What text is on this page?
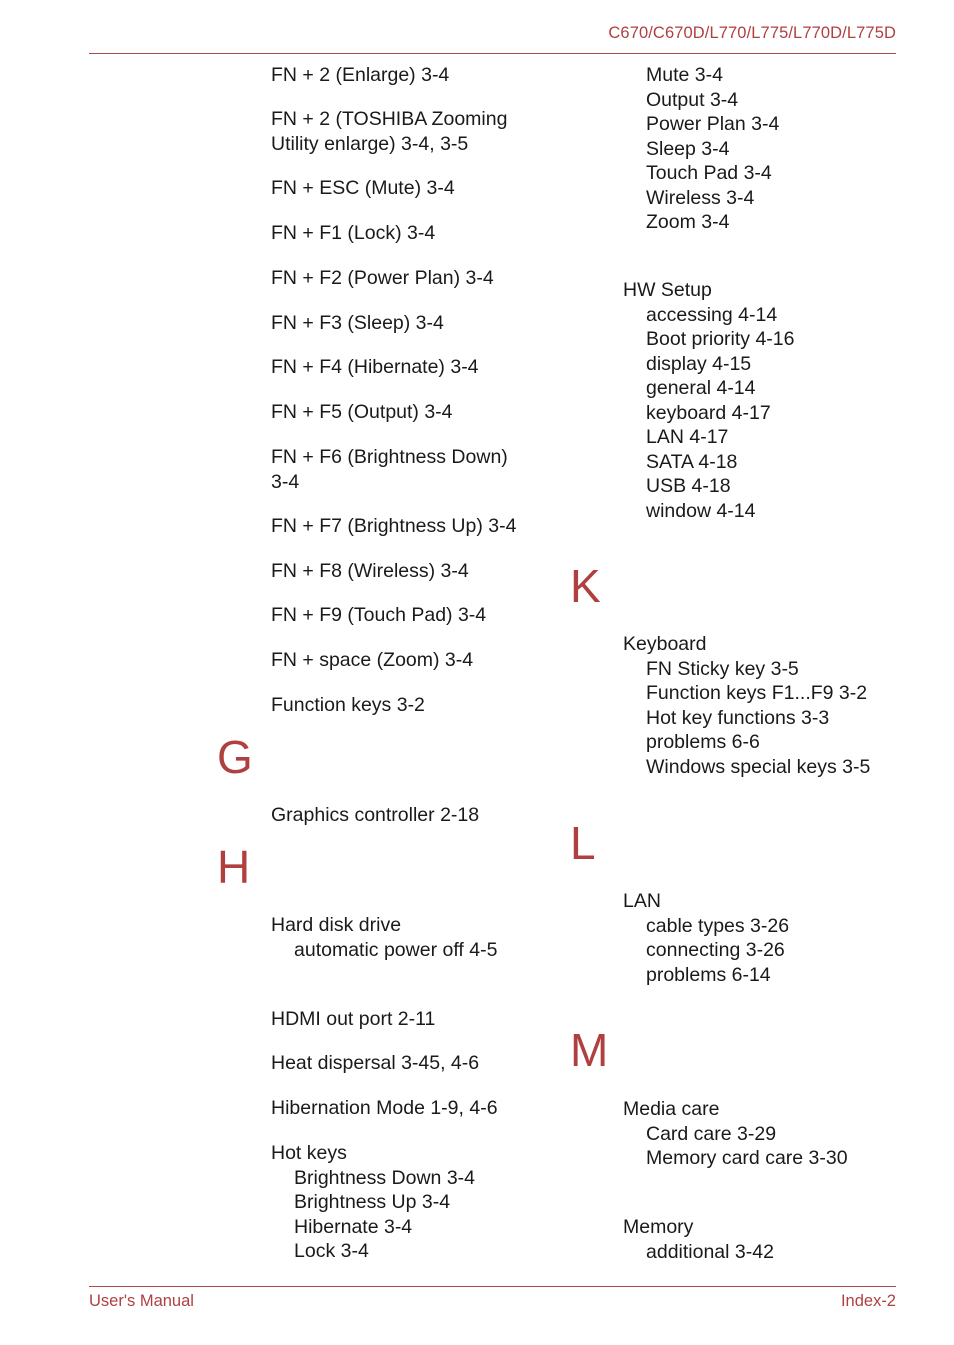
C670/C670D/L770/L775/L770D/L775D
FN + 2 (Enlarge) 3-4
FN + 2 (TOSHIBA Zooming
Utility enlarge) 3-4, 3-5
FN + ESC (Mute) 3-4
FN + F1 (Lock) 3-4
FN + F2 (Power Plan) 3-4
FN + F3 (Sleep) 3-4
FN + F4 (Hibernate) 3-4
FN + F5 (Output) 3-4
FN + F6 (Brightness Down)
3-4
FN + F7 (Brightness Up) 3-4
FN + F8 (Wireless) 3-4
FN + F9 (Touch Pad) 3-4
FN + space (Zoom) 3-4
Function keys 3-2
G
Graphics controller 2-18
H
Hard disk drive
automatic power off 4-5
HDMI out port 2-11
Heat dispersal 3-45, 4-6
Hibernation Mode 1-9, 4-6
Hot keys
Brightness Down 3-4
Brightness Up 3-4
Hibernate 3-4
Lock 3-4
Mute 3-4
Output 3-4
Power Plan 3-4
Sleep 3-4
Touch Pad 3-4
Wireless 3-4
Zoom 3-4
HW Setup
accessing 4-14
Boot priority 4-16
display 4-15
general 4-14
keyboard 4-17
LAN 4-17
SATA 4-18
USB 4-18
window 4-14
K
Keyboard
FN Sticky key 3-5
Function keys F1...F9 3-2
Hot key functions 3-3
problems 6-6
Windows special keys 3-5
L
LAN
cable types 3-26
connecting 3-26
problems 6-14
M
Media care
Card care 3-29
Memory card care 3-30
Memory
additional 3-42
User's Manual	Index-2
